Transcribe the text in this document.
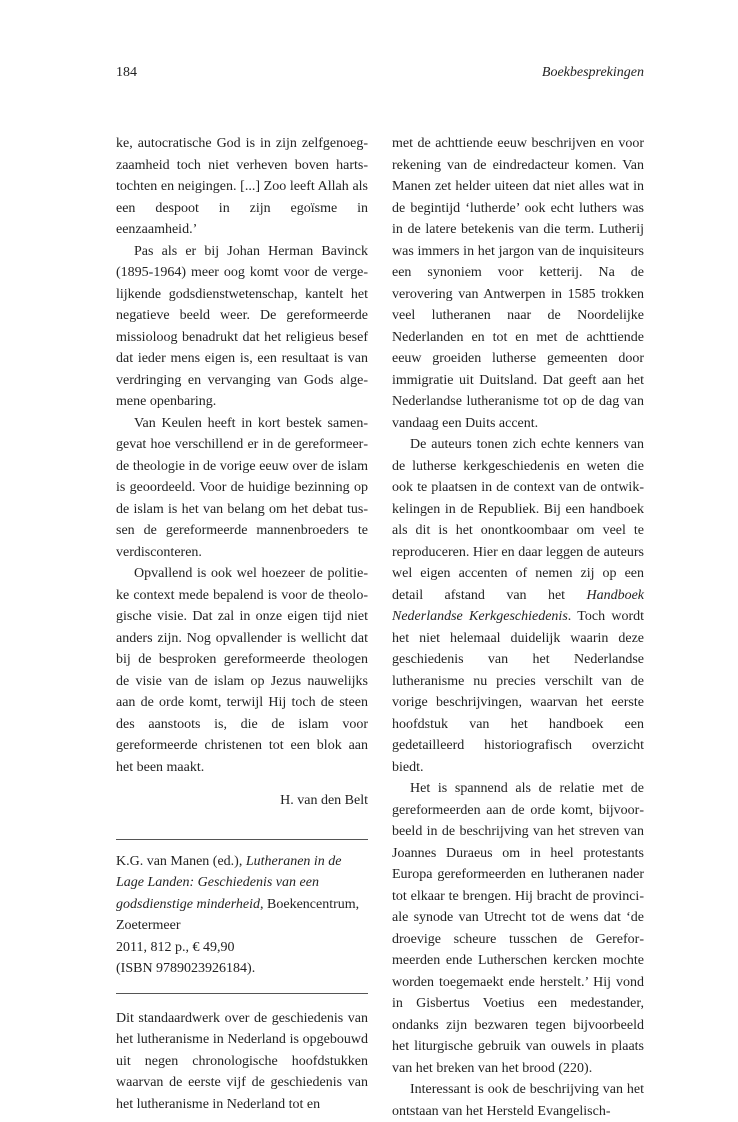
184	Boekbesprekingen

ke, autocratische God is in zijn zelfgenoegzaamheid toch niet verheven boven hartstochten en neigingen. [...] Zoo leeft Allah als een despoot in zijn egoïsme in eenzaamheid.’

Pas als er bij Johan Herman Bavinck (1895-1964) meer oog komt voor de vergelijkende godsdienstwetenschap, kantelt het negatieve beeld weer. De gereformeerde missioloog benadrukt dat het religieus besef dat ieder mens eigen is, een resultaat is van verdringing en vervanging van Gods algemene openbaring.

Van Keulen heeft in kort bestek samengevat hoe verschillend er in de gereformeerde theologie in de vorige eeuw over de islam is geoordeeld. Voor de huidige bezinning op de islam is het van belang om het debat tussen de gereformeerde mannenbroeders te verdisconteren.

Opvallend is ook wel hoezeer de politieke context mede bepalend is voor de theologische visie. Dat zal in onze eigen tijd niet anders zijn. Nog opvallender is wellicht dat bij de besproken gereformeerde theologen de visie van de islam op Jezus nauwelijks aan de orde komt, terwijl Hij toch de steen des aanstoots is, die de islam voor gereformeerde christenen tot een blok aan het been maakt.

H. van den Belt

K.G. van Manen (ed.), Lutheranen in de Lage Landen: Geschiedenis van een godsdienstige minderheid, Boekencentrum, Zoetermeer
2011, 812 p., € 49,90
(ISBN 9789023926184).

Dit standaardwerk over de geschiedenis van het lutheranisme in Nederland is opgebouwd uit negen chronologische hoofdstukken waarvan de eerste vijf de geschiedenis van het lutheranisme in Nederland tot en

met de achttiende eeuw beschrijven en voor rekening van de eindredacteur komen. Van Manen zet helder uiteen dat niet alles wat in de begintijd ‘lutherde’ ook echt luthers was in de latere betekenis van die term. Lutherij was immers in het jargon van de inquisiteurs een synoniem voor ketterij. Na de verovering van Antwerpen in 1585 trokken veel lutheranen naar de Noordelijke Nederlanden en tot en met de achttiende eeuw groeiden lutherse gemeenten door immigratie uit Duitsland. Dat geeft aan het Nederlandse lutheranisme tot op de dag van vandaag een Duits accent.

De auteurs tonen zich echte kenners van de lutherse kerkgeschiedenis en weten die ook te plaatsen in de context van de ontwikkelingen in de Republiek. Bij een handboek als dit is het onontkoombaar om veel te reproduceren. Hier en daar leggen de auteurs wel eigen accenten of nemen zij op een detail afstand van het Handboek Nederlandse Kerkgeschiedenis. Toch wordt het niet helemaal duidelijk waarin deze geschiedenis van het Nederlandse lutheranisme nu precies verschilt van de vorige beschrijvingen, waarvan het eerste hoofdstuk van het handboek een gedetailleerd historiografisch overzicht biedt.

Het is spannend als de relatie met de gereformeerden aan de orde komt, bijvoorbeeld in de beschrijving van het streven van Joannes Duraeus om in heel protestants Europa gereformeerden en lutheranen nader tot elkaar te brengen. Hij bracht de provinciale synode van Utrecht tot de wens dat ‘de droevige scheure tusschen de Gereformeerden ende Lutherschen kercken mochte worden toegemaekt ende herstelt.’ Hij vond in Gisbertus Voetius een medestander, ondanks zijn bezwaren tegen bijvoorbeeld het liturgische gebruik van ouwels in plaats van het breken van het brood (220).

Interessant is ook de beschrijving van het ontstaan van het Hersteld Evangelisch-
